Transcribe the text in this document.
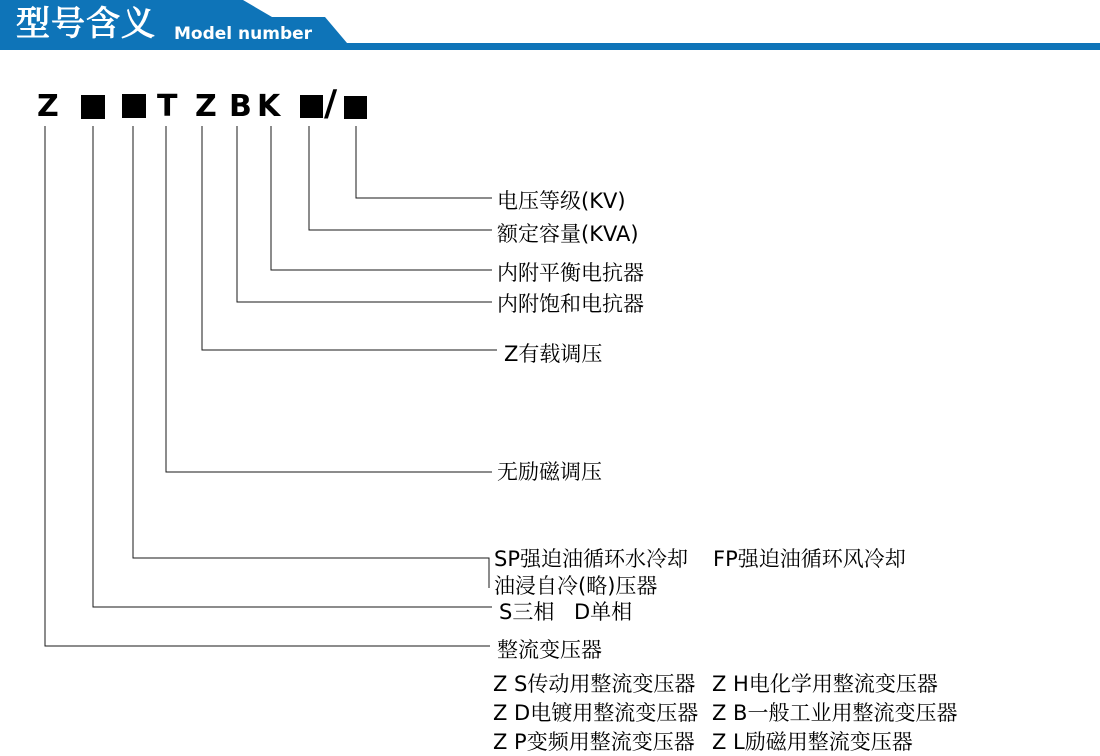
型号含义 Model number
Z	T Z B K /
电压等级(KV)
额定容量(KVA)
内附平衡电抗器
内附饱和电抗器
Z有载调压
无励磁调压
SP强迫油循环水冷却 FP强迫油循环风冷却
油浸自冷(略)压器
S三相 D单相
整流变压器
Z S传动用整流变压器 Z H电化学用整流变压器
Z D电镀用整流变压器 Z B一般工业用整流变压器
Z P变频用整流变压器 Z L励磁用整流变压器
